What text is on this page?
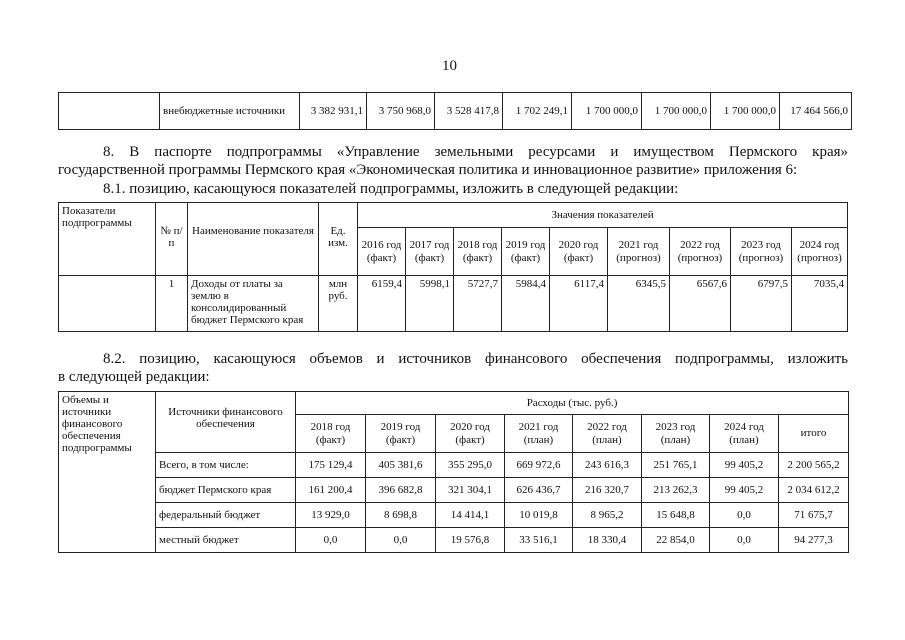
10
	внебюджетные источники	3 382 931,1	3 750 968,0	3 528 417,8	1 702 249,1	1 700 000,0	1 700 000,0	1 700 000,0	17 464 566,0

8. В паспорте подпрограммы «Управление земельными ресурсами и имуществом Пермского края»

государственной программы Пермского края «Экономическая политика и инновационное развитие» приложения 6:

8.1. позицию, касающуюся показателей подпрограммы, изложить в следующей редакции:

Показатели подпрограммы	№ п/п	Наименование показателя	Ед. изм.	Значения показателей								
				2016 год (факт)	2017 год (факт)	2018 год (факт)	2019 год (факт)	2020 год (факт)	2021 год (прогноз)	2022 год (прогноз)	2023 год (прогноз)	2024 год (прогноз)
	1	Доходы от платы за землю в консолидированный бюджет Пермского края	млн руб.	6159,4	5998,1	5727,7	5984,4	6117,4	6345,5	6567,6	6797,5	7035,4

8.2. позицию, касающуюся объемов и источников финансового обеспечения подпрограммы, изложить

в следующей редакции:

Объемы и источники финансового обеспечения подпрограммы	Источники финансового обеспечения	Расходы (тыс. руб.)							
		2018 год (факт)	2019 год (факт)	2020 год (факт)	2021 год (план)	2022 год (план)	2023 год (план)	2024 год (план)	итого
	Всего, в том числе:	175 129,4	405 381,6	355 295,0	669 972,6	243 616,3	251 765,1	99 405,2	2 200 565,2
	бюджет Пермского края	161 200,4	396 682,8	321 304,1	626 436,7	216 320,7	213 262,3	99 405,2	2 034 612,2
	федеральный бюджет	13 929,0	8 698,8	14 414,1	10 019,8	8 965,2	15 648,8	0,0	71 675,7
	местный бюджет	0,0	0,0	19 576,8	33 516,1	18 330,4	22 854,0	0,0	94 277,3
